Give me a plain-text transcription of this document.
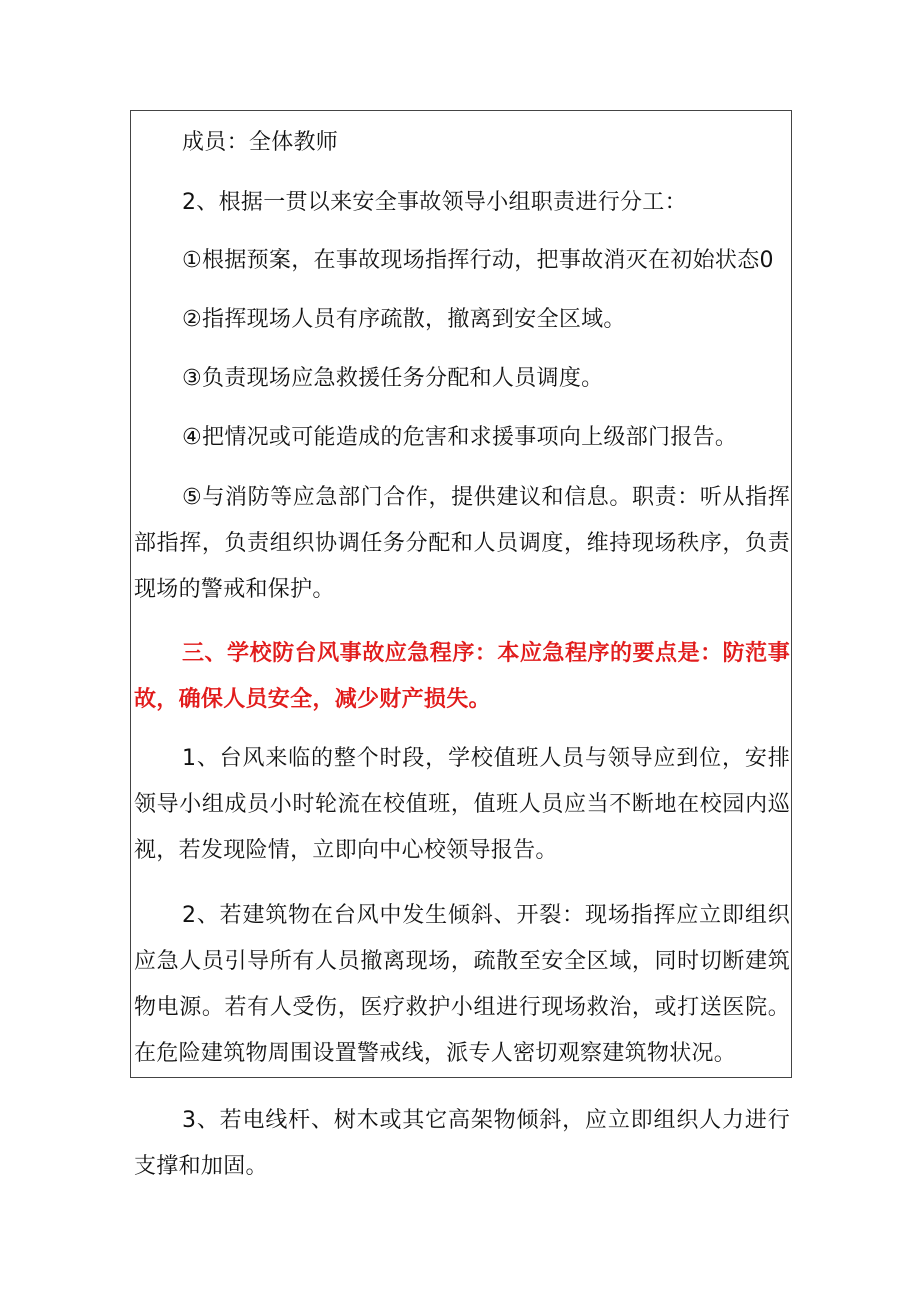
成员：全体教师

2、根据一贯以来安全事故领导小组职责进行分工：

①根据预案，在事故现场指挥行动，把事故消灭在初始状态0

②指挥现场人员有序疏散，撤离到安全区域。

③负责现场应急救援任务分配和人员调度。

④把情况或可能造成的危害和求援事项向上级部门报告。

⑤与消防等应急部门合作，提供建议和信息。职责：听从指挥部指挥，负责组织协调任务分配和人员调度，维持现场秩序，负责现场的警戒和保护。

三、学校防台风事故应急程序：本应急程序的要点是：防范事故，确保人员安全，减少财产损失。

1、台风来临的整个时段，学校值班人员与领导应到位，安排领导小组成员小时轮流在校值班，值班人员应当不断地在校园内巡视，若发现险情，立即向中心校领导报告。

2、若建筑物在台风中发生倾斜、开裂：现场指挥应立即组织应急人员引导所有人员撤离现场，疏散至安全区域，同时切断建筑物电源。若有人受伤，医疗救护小组进行现场救治，或打送医院。在危险建筑物周围设置警戒线，派专人密切观察建筑物状况。

3、若电线杆、树木或其它高架物倾斜，应立即组织人力进行支撑和加固。
